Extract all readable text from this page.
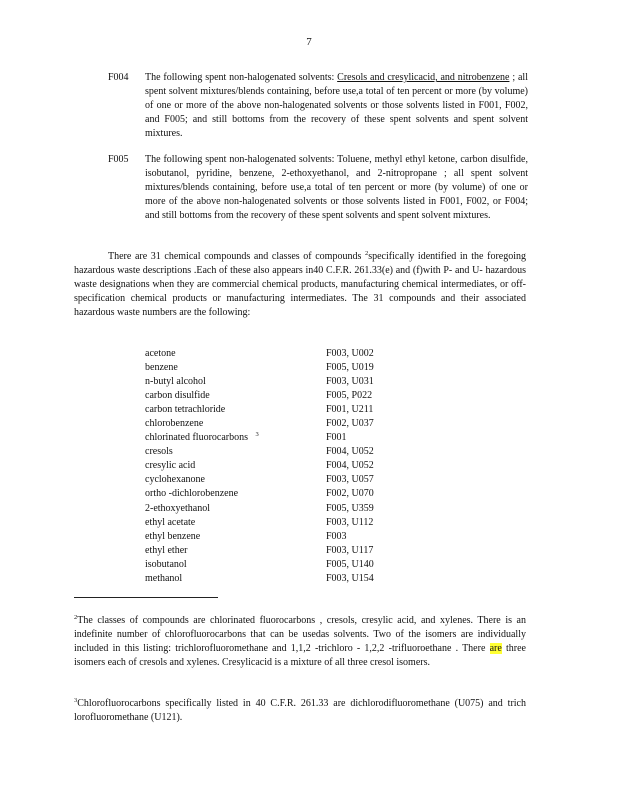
7
F004	The following spent non-halogenated solvents: Cresols and cresylicacid, and nitrobenzene ; all spent solvent mixtures/blends containing, before use,a total of ten percent or more (by volume) of one or more of the above non-halogenated solvents or those solvents listed in F001, F002, and F005; and still bottoms from the recovery of these spent solvents and spent solvent mixtures.
F005	The following spent non-halogenated solvents: Toluene, methyl ethyl ketone, carbon disulfide, isobutanol, pyridine, benzene, 2-ethoxyethanol, and 2-nitropropane ; all spent solvent mixtures/blends containing, before use,a total of ten percent or more (by volume) of one or more of the above non-halogenated solvents or those solvents listed in F001, F002, or F004; and still bottoms from the recovery of these spent solvents and spent solvent mixtures.
There are 31 chemical compounds and classes of compounds $^2$specifically identified in the foregoing hazardous waste descriptions .Each of these also appears in40 C.F.R. 261.33(e) and (f)with P- and U- hazardous waste designations when they are commercial chemical products, manufacturing chemical intermediates, or off-specification chemical products or manufacturing intermediates. The 31 compounds and their associated hazardous waste numbers are the following:
acetone	F003, U002
benzene	F005, U019
n-butyl alcohol	F003, U031
carbon disulfide	F005, P022
carbon tetrachloride	F001, U211
chlorobenzene	F002, U037
chlorinated fluorocarbons $^3$	F001
cresols	F004, U052
cresylic acid	F004, U052
cyclohexanone	F003, U057
ortho -dichlorobenzene	F002, U070
2-ethoxyethanol	F005, U359
ethyl acetate	F003, U112
ethyl benzene	F003
ethyl ether	F003, U117
isobutanol	F005, U140
methanol	F003, U154
$^2$The classes of compounds are chlorinated fluorocarbons , cresols, cresylic acid, and xylenes. There is an indefinite number of chlorofluorocarbons that can be usedas solvents. Two of the isomers are individually included in this listing: trichlorofluoromethane and 1,1,2 -trichloro - 1,2,2 -trifluoroethane . There are three isomers each of cresols and xylenes. Cresylicacid is a mixture of all three cresol isomers.
$^3$Chlorofluorocarbons specifically listed in 40 C.F.R. 261.33 are dichlorodifluoromethane (U075) and trich lorofluoromethane (U121).
